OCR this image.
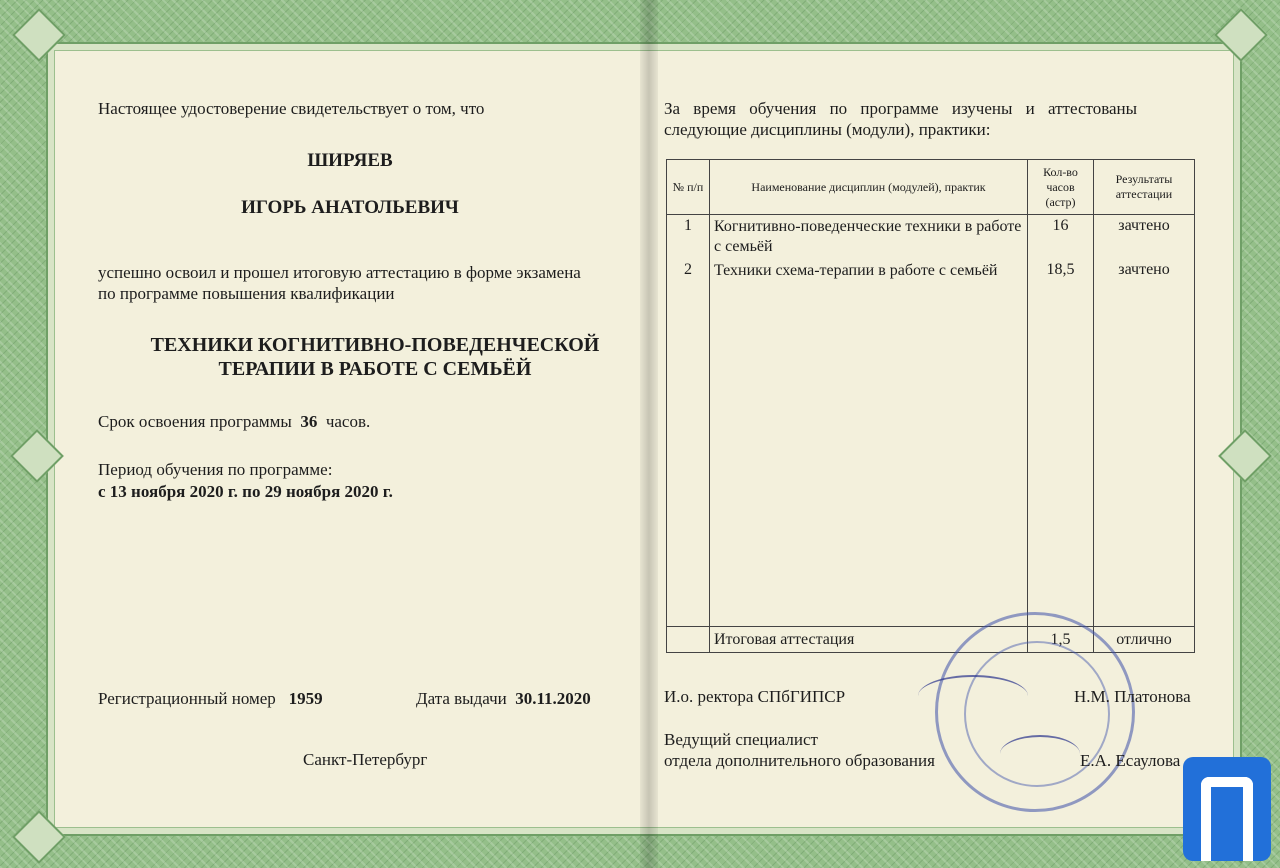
Настоящее удостоверение свидетельствует о том, что
ШИРЯЕВ
ИГОРЬ АНАТОЛЬЕВИЧ
успешно освоил и прошел итоговую аттестацию в форме экзамена
по программе повышения квалификации
ТЕХНИКИ КОГНИТИВНО-ПОВЕДЕНЧЕСКОЙ
ТЕРАПИИ В РАБОТЕ С СЕМЬЁЙ
Срок освоения программы 36 часов.
Период обучения по программе:
с 13 ноября 2020 г. по 29 ноября 2020 г.
Регистрационный номер 1959	Дата выдачи 30.11.2020
Санкт-Петербург
За время обучения по программе изучены и аттестованы
следующие дисциплины (модули), практики:
№ п/п	Наименование дисциплин (модулей), практик	Кол-во часов (астр)	Результаты аттестации
1	Когнитивно-поведенческие техники в работе с семьёй	16	зачтено
2	Техники схема-терапии в работе с семьёй	18,5	зачтено
	Итоговая аттестация	1,5	отлично
И.о. ректора СПбГИПСР	Н.М. Платонова
Ведущий специалист
отдела дополнительного образования	Е.А. Есаулова
